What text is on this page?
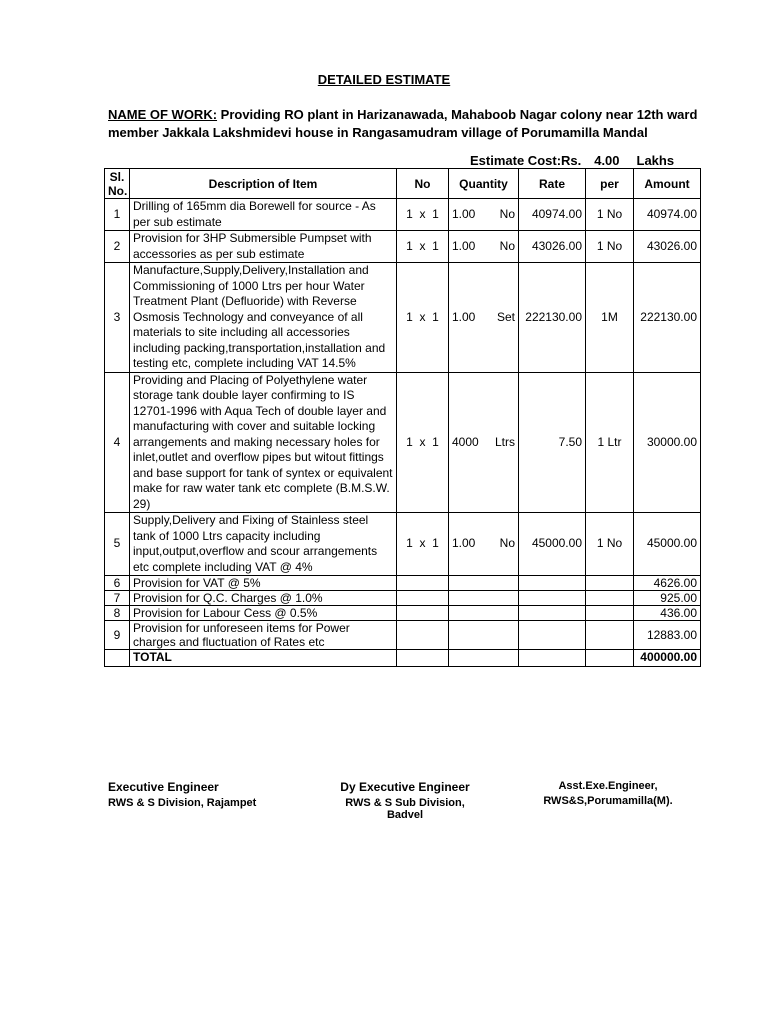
DETAILED ESTIMATE
NAME OF WORK: Providing RO plant in Harizanawada, Mahaboob Nagar colony near 12th ward member Jakkala Lakshmidevi house in Rangasamudram village of Porumamilla Mandal
Estimate Cost:Rs. 4.00 Lakhs
Sl. No.	Description of Item	No	Quantity	Rate	per	Amount
1	Drilling of 165mm dia Borewell for source - As per sub estimate	1  x  1	1.00 No	40974.00	1 No	40974.00
2	Provision for 3HP Submersible Pumpset with accessories as per sub estimate	1  x  1	1.00 No	43026.00	1 No	43026.00
3	Manufacture,Supply,Delivery,Installation and Commissioning of 1000 Ltrs per hour Water Treatment Plant (Defluoride) with Reverse Osmosis Technology and conveyance of all materials to site including all accessories including packing,transportation,installation and testing etc, complete including VAT 14.5%	1  x  1	1.00 Set	222130.00	1M	222130.00
4	Providing and Placing of Polyethylene water storage tank double layer confirming to IS 12701-1996 with Aqua Tech of double layer and manufacturing with cover and suitable locking arrangements and making necessary holes for inlet,outlet and overflow pipes but witout fittings and base support for tank of syntex or equivalent make for raw water tank etc complete (B.M.S.W. 29)	1  x  1	4000 Ltrs	7.50	1 Ltr	30000.00
5	Supply,Delivery and Fixing of Stainless steel tank of 1000 Ltrs capacity including input,output,overflow and scour arrangements etc complete including VAT @ 4%	1  x  1	1.00 No	45000.00	1 No	45000.00
6	Provision for VAT @ 5%					4626.00
7	Provision for Q.C. Charges @ 1.0%					925.00
8	Provision for Labour Cess @ 0.5%					436.00
9	Provision for unforeseen items for Power charges and fluctuation of Rates etc					12883.00
	TOTAL					400000.00
Executive Engineer
RWS & S Division, Rajampet
Dy Executive Engineer
RWS & S Sub Division, Badvel
Asst.Exe.Engineer,
RWS&S,Porumamilla(M).
